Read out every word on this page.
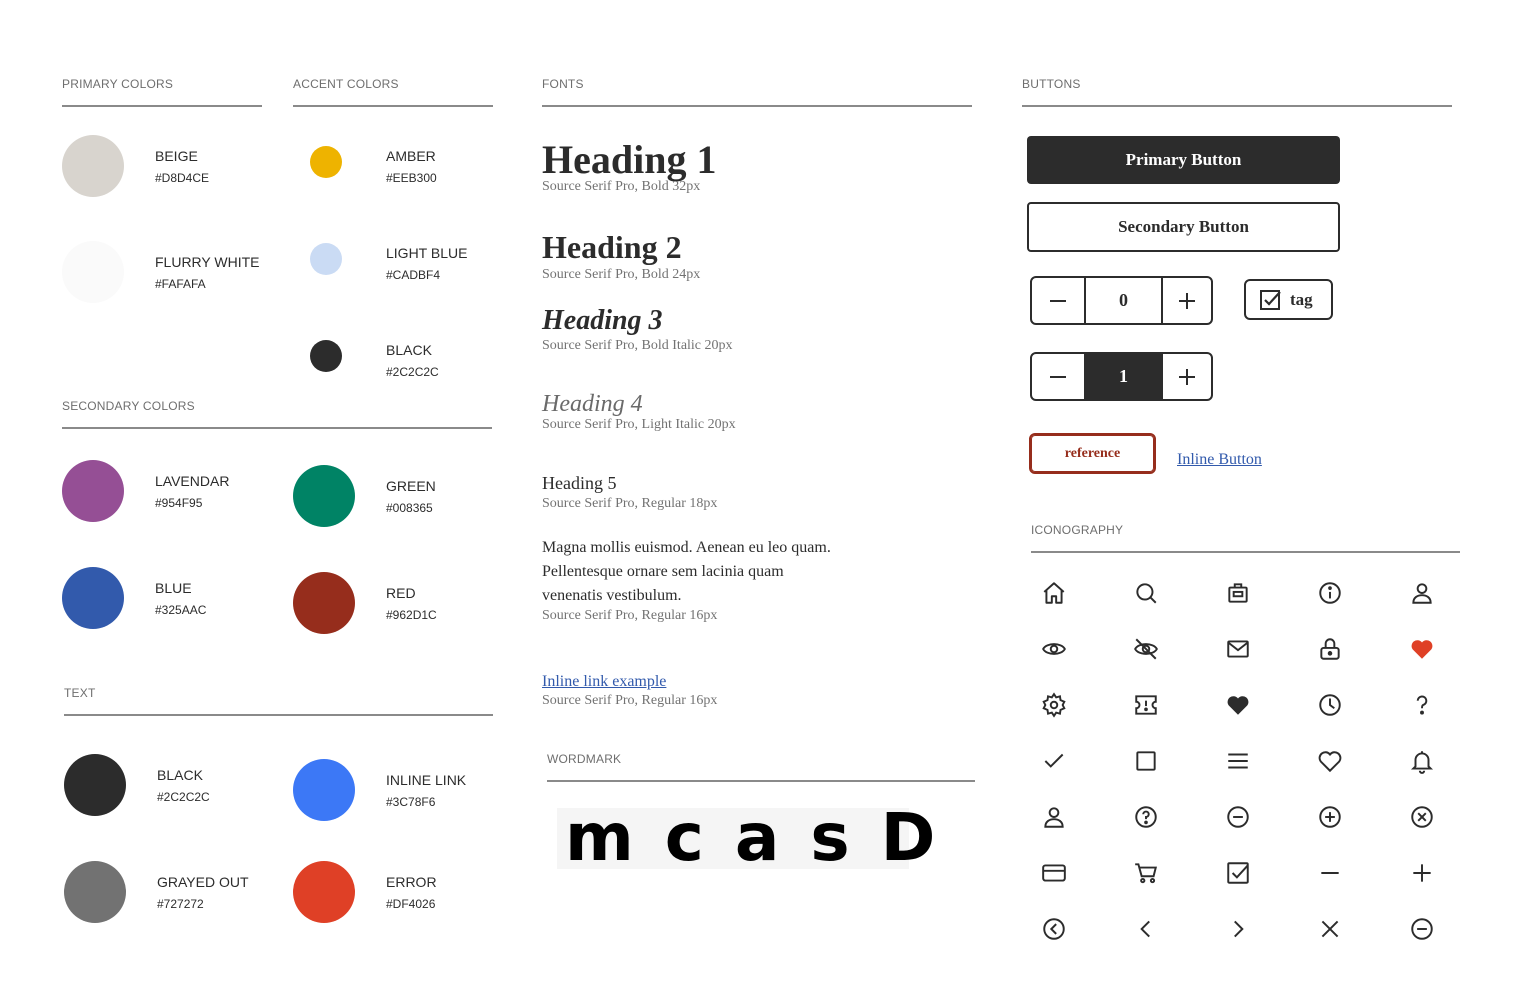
PRIMARY COLORS	ACCENT COLORS
BEIGE
#D8D4CE
FLURRY WHITE
#FAFAFA
AMBER
#EEB300
LIGHT BLUE
#CADBF4
BLACK
#2C2C2C
SECONDARY COLORS
LAVENDAR
#954F95
BLUE
#325AAC
GREEN
#008365
RED
#962D1C
TEXT
BLACK
#2C2C2C
GRAYED OUT
#727272
INLINE LINK
#3C78F6
ERROR
#DF4026
FONTS
Heading 1
Source Serif Pro, Bold 32px
Heading 2
Source Serif Pro, Bold 24px
Heading 3
Source Serif Pro, Bold Italic 20px
Heading 4
Source Serif Pro, Light Italic 20px
Heading 5
Source Serif Pro, Regular 18px
Magna mollis euismod. Aenean eu leo quam. Pellentesque ornare sem lacinia quam venenatis vestibulum.
Source Serif Pro, Regular 16px
Inline link example
Source Serif Pro, Regular 16px
WORDMARK
m c a s D
BUTTONS
Primary Button
Secondary Button
0	tag
1
reference	Inline Button
ICONOGRAPHY
